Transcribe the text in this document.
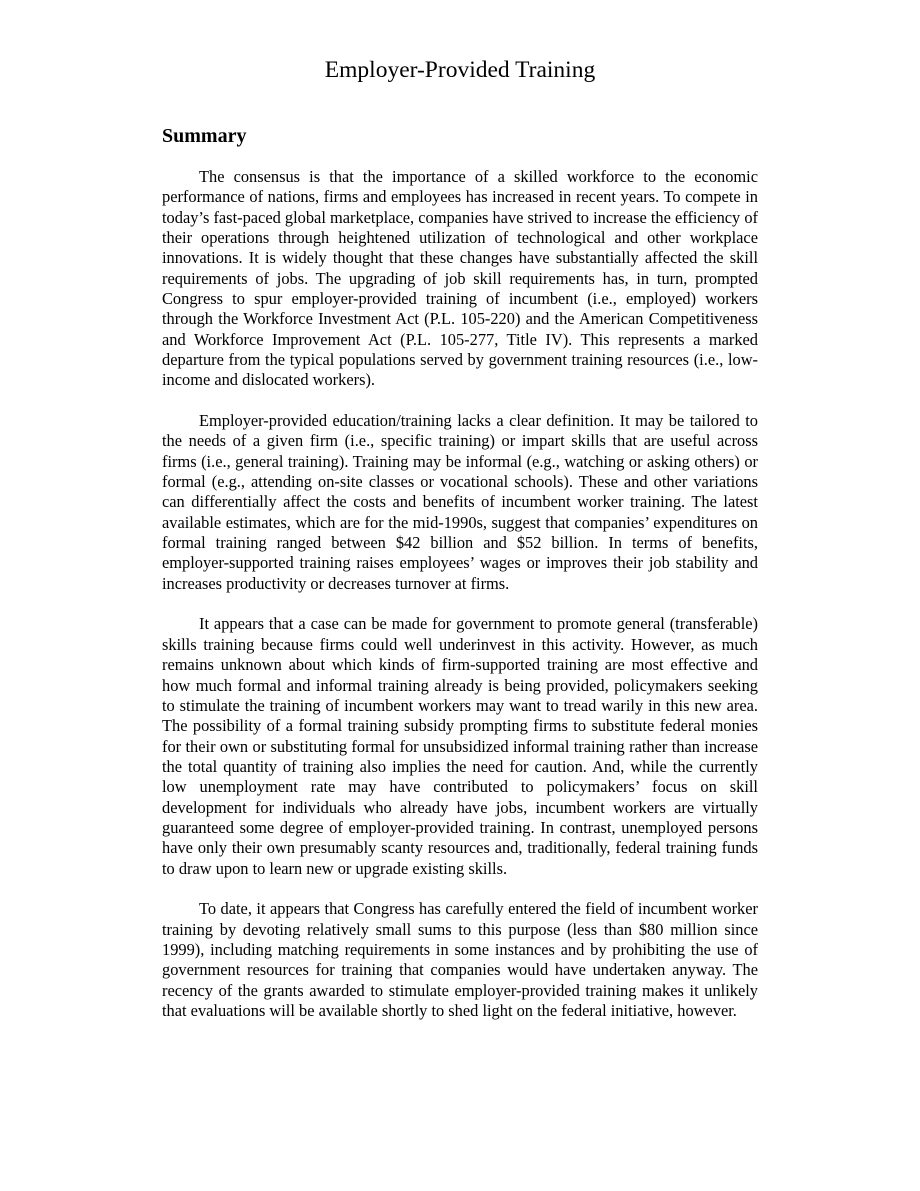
Employer-Provided Training
Summary

The consensus is that the importance of a skilled workforce to the economic performance of nations, firms and employees has increased in recent years. To compete in today’s fast-paced global marketplace, companies have strived to increase the efficiency of their operations through heightened utilization of technological and other workplace innovations. It is widely thought that these changes have substantially affected the skill requirements of jobs. The upgrading of job skill requirements has, in turn, prompted Congress to spur employer-provided training of incumbent (i.e., employed) workers through the Workforce Investment Act (P.L. 105-220) and the American Competitiveness and Workforce Improvement Act (P.L. 105-277, Title IV). This represents a marked departure from the typical populations served by government training resources (i.e., low-income and dislocated workers).

Employer-provided education/training lacks a clear definition. It may be tailored to the needs of a given firm (i.e., specific training) or impart skills that are useful across firms (i.e., general training). Training may be informal (e.g., watching or asking others) or formal (e.g., attending on-site classes or vocational schools). These and other variations can differentially affect the costs and benefits of incumbent worker training. The latest available estimates, which are for the mid-1990s, suggest that companies’ expenditures on formal training ranged between $42 billion and $52 billion. In terms of benefits, employer-supported training raises employees’ wages or improves their job stability and increases productivity or decreases turnover at firms.

It appears that a case can be made for government to promote general (transferable) skills training because firms could well underinvest in this activity. However, as much remains unknown about which kinds of firm-supported training are most effective and how much formal and informal training already is being provided, policymakers seeking to stimulate the training of incumbent workers may want to tread warily in this new area. The possibility of a formal training subsidy prompting firms to substitute federal monies for their own or substituting formal for unsubsidized informal training rather than increase the total quantity of training also implies the need for caution. And, while the currently low unemployment rate may have contributed to policymakers’ focus on skill development for individuals who already have jobs, incumbent workers are virtually guaranteed some degree of employer-provided training. In contrast, unemployed persons have only their own presumably scanty resources and, traditionally, federal training funds to draw upon to learn new or upgrade existing skills.

To date, it appears that Congress has carefully entered the field of incumbent worker training by devoting relatively small sums to this purpose (less than $80 million since 1999), including matching requirements in some instances and by prohibiting the use of government resources for training that companies would have undertaken anyway. The recency of the grants awarded to stimulate employer-provided training makes it unlikely that evaluations will be available shortly to shed light on the federal initiative, however.
